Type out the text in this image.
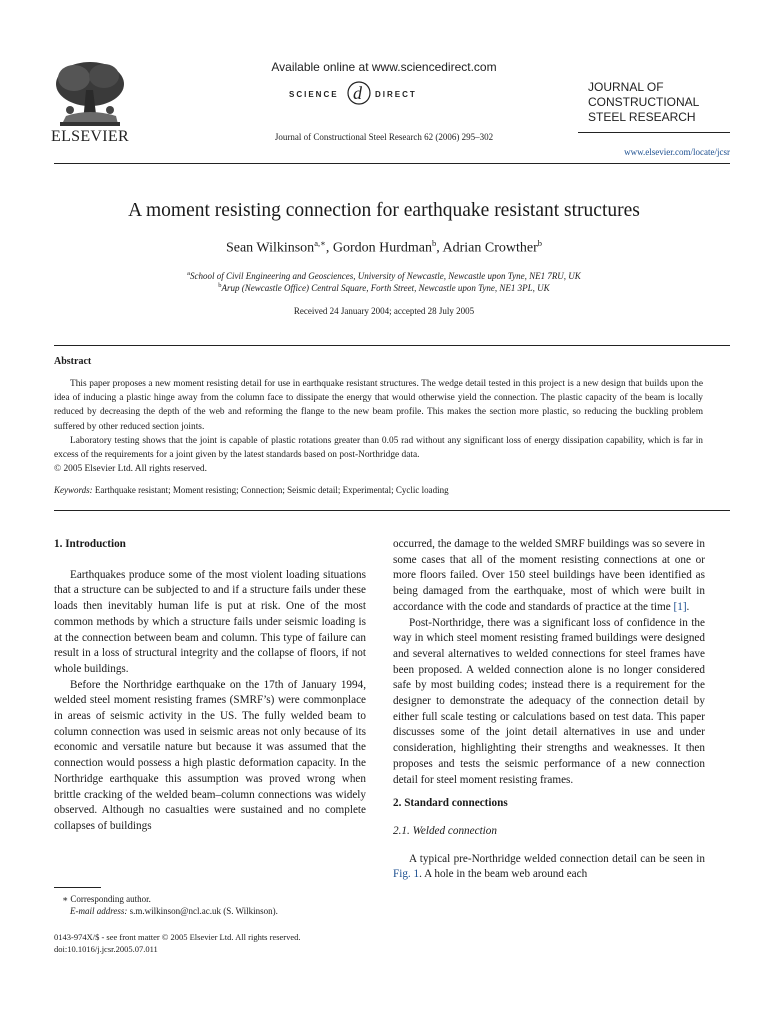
ELSEVIER
Available online at www.sciencedirect.com
SCIENCE d DIRECT
Journal of Constructional Steel Research 62 (2006) 295–302
JOURNAL OF
CONSTRUCTIONAL
STEEL RESEARCH
www.elsevier.com/locate/jcsr
A moment resisting connection for earthquake resistant structures
Sean Wilkinson$^{a,∗}$, Gordon Hurdman$^b$, Adrian Crowther$^b$
$^a$School of Civil Engineering and Geosciences, University of Newcastle, Newcastle upon Tyne, NE1 7RU, UK
$^b$Arup (Newcastle Office) Central Square, Forth Street, Newcastle upon Tyne, NE1 3PL, UK
Received 24 January 2004; accepted 28 July 2005
Abstract

This paper proposes a new moment resisting detail for use in earthquake resistant structures. The wedge detail tested in this project is a new design that builds upon the idea of inducing a plastic hinge away from the column face to dissipate the energy that would otherwise yield the connection. The plastic capacity of the beam is locally reduced by decreasing the depth of the web and reforming the flange to the new beam profile. This makes the section more plastic, so reducing the buckling problem suffered by other reduced section joints.

Laboratory testing shows that the joint is capable of plastic rotations greater than 0.05 rad without any significant loss of energy dissipation capability, which is far in excess of the requirements for a joint given by the latest standards based on post-Northridge data.

© 2005 Elsevier Ltd. All rights reserved.

Keywords: Earthquake resistant; Moment resisting; Connection; Seismic detail; Experimental; Cyclic loading
1. Introduction

Earthquakes produce some of the most violent loading situations that a structure can be subjected to and if a structure fails under these loads then inevitably human life is put at risk. One of the most common methods by which a structure fails under seismic loading is at the connection between beam and column. This type of failure can result in a loss of structural integrity and the collapse of floors, if not whole buildings.

Before the Northridge earthquake on the 17th of January 1994, welded steel moment resisting frames (SMRF’s) were commonplace in areas of seismic activity in the US. The fully welded beam to column connection was used in seismic areas not only because of its economic and versatile nature but because it was assumed that the connection would possess a high plastic deformation capacity. In the Northridge earthquake this assumption was proved wrong when brittle cracking of the welded beam–column connections was widely observed. Although no casualties were sustained and no complete collapses of buildings

∗ Corresponding author.
E-mail address: s.m.wilkinson@ncl.ac.uk (S. Wilkinson).
0143-974X/$ - see front matter © 2005 Elsevier Ltd. All rights reserved.
doi:10.1016/j.jcsr.2005.07.011

occurred, the damage to the welded SMRF buildings was so severe in some cases that all of the moment resisting connections at one or more floors failed. Over 150 steel buildings have been identified as being damaged from the earthquake, most of which were built in accordance with the code and standards of practice at the time [1].

Post-Northridge, there was a significant loss of confidence in the way in which steel moment resisting framed buildings were designed and several alternatives to welded connections for steel frames have been proposed. A welded connection alone is no longer considered safe by most building codes; instead there is a requirement for the designer to demonstrate the adequacy of the connection detail by either full scale testing or calculations based on test data. This paper discusses some of the joint detail alternatives in use and under consideration, highlighting their strengths and weaknesses. It then proposes and tests the seismic performance of a new connection detail for steel moment resisting frames.

2. Standard connections
2.1. Welded connection

A typical pre-Northridge welded connection detail can be seen in Fig. 1. A hole in the beam web around each
